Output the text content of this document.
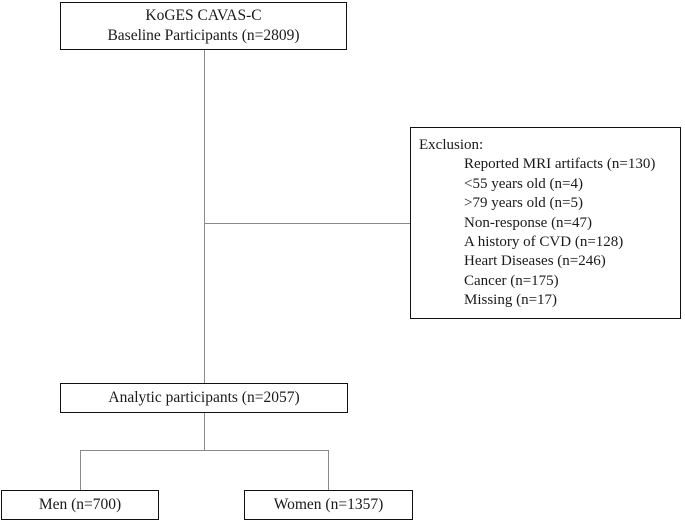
KoGES CAVAS-C
Baseline Participants (n=2809)
Exclusion:
Reported MRI artifacts (n=130)
<55 years old (n=4)
>79 years old (n=5)
Non-response (n=47)
A history of CVD (n=128)
Heart Diseases (n=246)
Cancer (n=175)
Missing (n=17)
Analytic participants (n=2057)
Men (n=700)	Women (n=1357)
